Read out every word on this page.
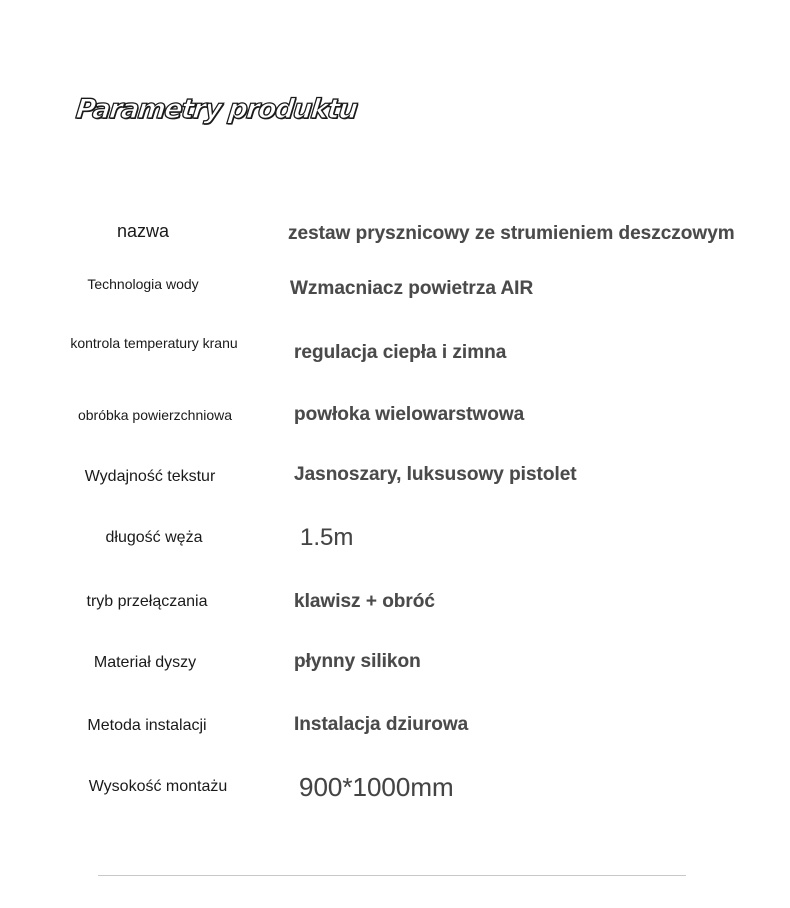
Parametry produktu
nazwa	zestaw prysznicowy ze strumieniem deszczowym
Technologia wody	Wzmacniacz powietrza AIR
kontrola temperatury kranu	regulacja ciepła i zimna
obróbka powierzchniowa	powłoka wielowarstwowa
Wydajność tekstur	Jasnoszary, luksusowy pistolet
długość węża	1.5m
tryb przełączania	klawisz + obróć
Materiał dyszy	płynny silikon
Metoda instalacji	Instalacja dziurowa
Wysokość montażu	900*1000mm
